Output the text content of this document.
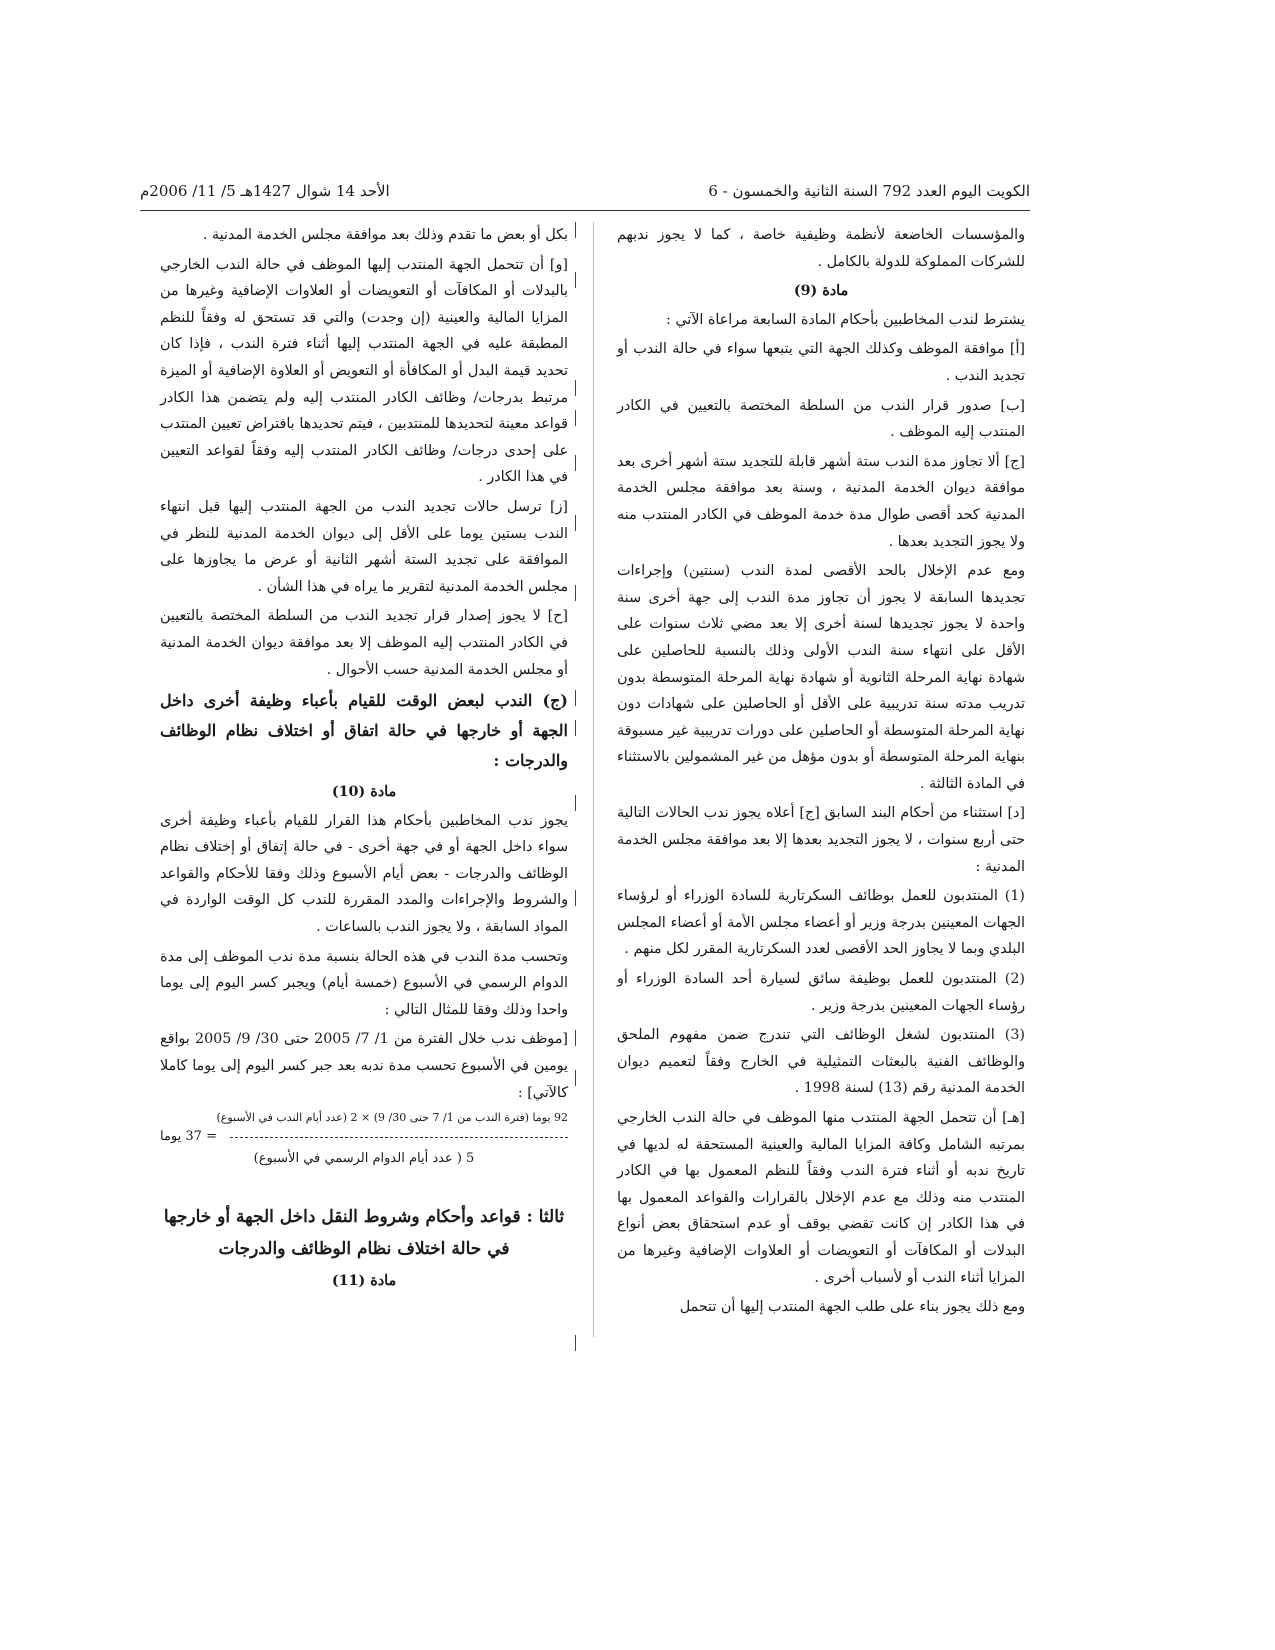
الكويت اليوم العدد 792 السنة الثانية والخمسون - 6
الأحد 14 شوال 1427هـ 5/ 11/ 2006م

والمؤسسات الخاضعة لأنظمة وظيفية خاصة ، كما لا يجوز ندبهم للشركات المملوكة للدولة بالكامل .

مادة (9)

يشترط لندب المخاطبين بأحكام المادة السابعة مراعاة الآتي :

[أ] موافقة الموظف وكذلك الجهة التي يتبعها سواء في حالة الندب أو تجديد الندب .

[ب] صدور قرار الندب من السلطة المختصة بالتعيين في الكادر المنتدب إليه الموظف .

[ج] ألا تجاوز مدة الندب ستة أشهر قابلة للتجديد ستة أشهر أخرى بعد موافقة ديوان الخدمة المدنية ، وسنة بعد موافقة مجلس الخدمة المدنية كحد أقصى طوال مدة خدمة الموظف في الكادر المنتدب منه ولا يجوز التجديد بعدها .

ومع عدم الإخلال بالحد الأقصى لمدة الندب (سنتين) وإجراءات تجديدها السابقة لا يجوز أن تجاوز مدة الندب إلى جهة أخرى سنة واحدة لا يجوز تجديدها لسنة أخرى إلا بعد مضي ثلاث سنوات على الأقل على انتهاء سنة الندب الأولى وذلك بالنسبة للحاصلين على شهادة نهاية المرحلة الثانوية أو شهادة نهاية المرحلة المتوسطة بدون تدريب مدته سنة تدريبية على الأقل أو الحاصلين على شهادات دون نهاية المرحلة المتوسطة أو الحاصلين على دورات تدريبية غير مسبوقة بنهاية المرحلة المتوسطة أو بدون مؤهل من غير المشمولين بالاستثناء في المادة الثالثة .

[د] استثناء من أحكام البند السابق [ج] أعلاه يجوز ندب الحالات التالية حتى أربع سنوات ، لا يجوز التجديد بعدها إلا بعد موافقة مجلس الخدمة المدنية :

(1) المنتدبون للعمل بوظائف السكرتارية للسادة الوزراء أو لرؤساء الجهات المعينين بدرجة وزير أو أعضاء مجلس الأمة أو أعضاء المجلس البلدي وبما لا يجاوز الحد الأقصى لعدد السكرتارية المقرر لكل منهم .

(2) المنتدبون للعمل بوظيفة سائق لسيارة أحد السادة الوزراء أو رؤساء الجهات المعينين بدرجة وزير .

(3) المنتدبون لشغل الوظائف التي تندرج ضمن مفهوم الملحق والوظائف الفنية بالبعثات التمثيلية في الخارج وفقاً لتعميم ديوان الخدمة المدنية رقم (13) لسنة 1998 .

[هـ] أن تتحمل الجهة المنتدب منها الموظف في حالة الندب الخارجي بمرتبه الشامل وكافة المزايا المالية والعينية المستحقة له لديها في تاريخ ندبه أو أثناء فترة الندب وفقاً للنظم المعمول بها في الكادر المنتدب منه وذلك مع عدم الإخلال بالقرارات والقواعد المعمول بها في هذا الكادر إن كانت تقضي بوقف أو عدم استحقاق بعض أنواع البدلات أو المكافآت أو التعويضات أو العلاوات الإضافية وغيرها من المزايا أثناء الندب أو لأسباب أخرى .

ومع ذلك يجوز بناء على طلب الجهة المنتدب إليها أن تتحمل

بكل أو بعض ما تقدم وذلك بعد موافقة مجلس الخدمة المدنية .

[و] أن تتحمل الجهة المنتدب إليها الموظف في حالة الندب الخارجي بالبدلات أو المكافآت أو التعويضات أو العلاوات الإضافية وغيرها من المزايا المالية والعينية (إن وجدت) والتي قد تستحق له وفقاً للنظم المطبقة عليه في الجهة المنتدب إليها أثناء فترة الندب ، فإذا كان تحديد قيمة البدل أو المكافأة أو التعويض أو العلاوة الإضافية أو الميزة مرتبط بدرجات/ وظائف الكادر المنتدب إليه ولم يتضمن هذا الكادر قواعد معينة لتحديدها للمنتدبين ، فيتم تحديدها بافتراض تعيين المنتدب على إحدى درجات/ وظائف الكادر المنتدب إليه وفقاً لقواعد التعيين في هذا الكادر .

[ز] ترسل حالات تجديد الندب من الجهة المنتدب إليها قبل انتهاء الندب بستين يوما على الأقل إلى ديوان الخدمة المدنية للنظر في الموافقة على تجديد الستة أشهر الثانية أو عرض ما يجاوزها على مجلس الخدمة المدنية لتقرير ما يراه في هذا الشأن .

[ح] لا يجوز إصدار قرار تجديد الندب من السلطة المختصة بالتعيين في الكادر المنتدب إليه الموظف إلا بعد موافقة ديوان الخدمة المدنية أو مجلس الخدمة المدنية حسب الأحوال .

(ج) الندب لبعض الوقت للقيام بأعباء وظيفة أخرى داخل الجهة أو خارجها في حالة اتفاق أو اختلاف نظام الوظائف والدرجات :

مادة (10)

يجوز ندب المخاطبين بأحكام هذا القرار للقيام بأعباء وظيفة أخرى سواء داخل الجهة أو في جهة أخرى - في حالة إتفاق أو إختلاف نظام الوظائف والدرجات - بعض أيام الأسبوع وذلك وفقا للأحكام والقواعد والشروط والإجراءات والمدد المقررة للندب كل الوقت الواردة في المواد السابقة ، ولا يجوز الندب بالساعات .

وتحسب مدة الندب في هذه الحالة بنسبة مدة ندب الموظف إلى مدة الدوام الرسمي في الأسبوع (خمسة أيام) ويجبر كسر اليوم إلى يوما واحدا وذلك وفقا للمثال التالي :

[موظف ندب خلال الفترة من 1/ 7/ 2005 حتى 30/ 9/ 2005 بواقع يومين في الأسبوع تحسب مدة ندبه بعد جبر كسر اليوم إلى يوما كاملا كالآتي] :

92 يوما (فترة الندب من 1/ 7 حتى 30/ 9) × 2 (عدد أيام الندب في الأسبوع)
= 37 يوما
5 ( عدد أيام الدوام الرسمي في الأسبوع)

ثالثا : قواعد وأحكام وشروط النقل داخل الجهة أو خارجها في حالة اختلاف نظام الوظائف والدرجات

مادة (11)
